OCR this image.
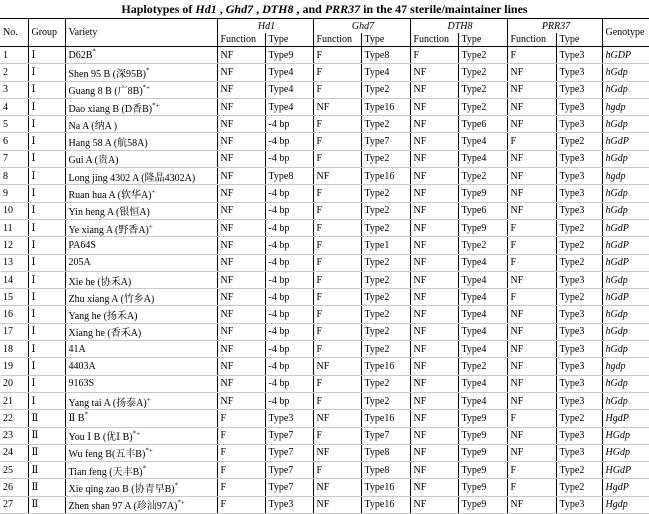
Haplotypes of Hd1 , Ghd7 , DTH8 , and PRR37 in the 47 sterile/maintainer lines
No.	Group	Variety	Hd1		Ghd7		DTH8		PRR37		Genotype
			Function	Type	Function	Type	Function	Type	Function	Type	
1	Ⅰ	D62B*	NF	Type9	F	Type8	F	Type2	F	Type3	hGDP
2	Ⅰ	Shen 95 B (深95B)*	NF	Type4	F	Type4	NF	Type2	NF	Type3	hGdp
3	Ⅰ	Guang 8 B (广8B)*+	NF	Type4	F	Type2	NF	Type2	NF	Type3	hGdp
4	Ⅰ	Dao xiang B (D香B)*+	NF	Type4	NF	Type16	NF	Type2	NF	Type3	hgdp
5	Ⅰ	Na A (纳A )	NF	-4 bp	F	Type2	NF	Type6	NF	Type3	hGdp
6	Ⅰ	Hang 58 A (航58A)	NF	-4 bp	F	Type7	NF	Type4	F	Type2	hGdP
7	Ⅰ	Gui A (贵A)	NF	-4 bp	F	Type2	NF	Type4	NF	Type3	hGdp
8	Ⅰ	Long jing 4302 A (隆晶4302A)	NF	Type8	NF	Type16	NF	Type2	NF	Type3	hgdp
9	Ⅰ	Ruan hua A (软华A)+	NF	-4 bp	F	Type2	NF	Type9	NF	Type3	hGdp
10	Ⅰ	Yin heng A (银恒A)	NF	-4 bp	F	Type2	NF	Type6	NF	Type3	hGdp
11	Ⅰ	Ye xiang A (野香A)+	NF	-4 bp	F	Type2	NF	Type9	F	Type2	hGdP
12	Ⅰ	PA64S	NF	-4 bp	F	Type1	NF	Type2	F	Type2	hGdP
13	Ⅰ	205A	NF	-4 bp	F	Type2	NF	Type4	F	Type2	hGdP
14	Ⅰ	Xie he (协禾A)	NF	-4 bp	F	Type2	NF	Type4	NF	Type3	hGdp
15	Ⅰ	Zhu xiang A (竹乡A)	NF	-4 bp	F	Type2	NF	Type4	F	Type2	hGdP
16	Ⅰ	Yang he (扬禾A)	NF	-4 bp	F	Type2	NF	Type4	NF	Type3	hGdp
17	Ⅰ	Xiang he (香禾A)	NF	-4 bp	F	Type2	NF	Type4	NF	Type3	hGdp
18	Ⅰ	41A	NF	-4 bp	F	Type2	NF	Type4	NF	Type3	hGdp
19	Ⅰ	4403A	NF	-4 bp	NF	Type16	NF	Type2	NF	Type3	hgdp
20	Ⅰ	9163S	NF	-4 bp	F	Type2	NF	Type4	NF	Type3	hGdp
21	Ⅰ	Yang tai A (扬泰A)+	NF	-4 bp	F	Type2	NF	Type4	NF	Type3	hGdp
22	Ⅱ	Ⅱ B*	F	Type3	NF	Type16	NF	Type9	F	Type2	HgdP
23	Ⅱ	You Ⅰ B (优Ⅰ B)*+	F	Type7	F	Type7	NF	Type9	NF	Type3	HGdp
24	Ⅱ	Wu feng B(五丰B)*+	F	Type7	NF	Type8	NF	Type9	NF	Type3	HGdp
25	Ⅱ	Tian feng (天丰B)*	F	Type7	F	Type8	NF	Type9	F	Type2	HGdP
26	Ⅱ	Xie qing zao B (协青早B)*	F	Type7	NF	Type16	NF	Type9	F	Type2	HgdP
27	Ⅱ	Zhen shan 97 A (珍汕97A)*+	F	Type3	NF	Type16	NF	Type9	NF	Type3	Hgdp
